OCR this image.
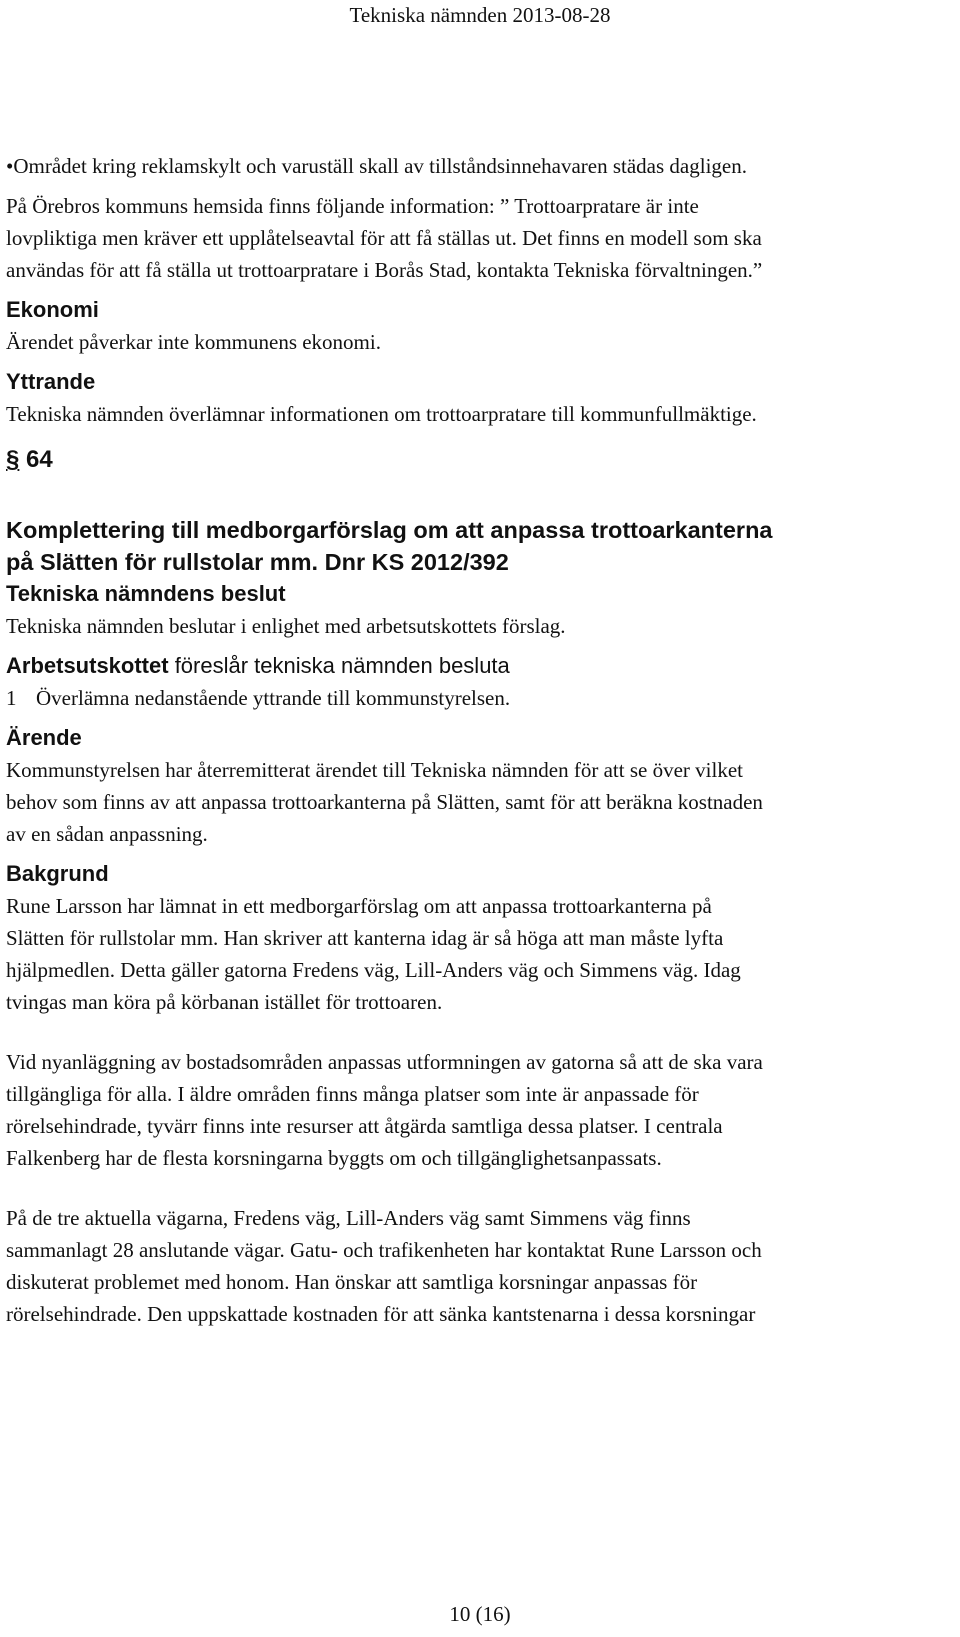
Tekniska nämnden 2013-08-28

•Området kring reklamskylt och varuställ skall av tillståndsinnehavaren städas dagligen.

På Örebros kommuns hemsida finns följande information: ” Trottoarpratare är inte

lovpliktiga men kräver ett upplåtelseavtal för att få ställas ut. Det finns en modell som ska

användas för att få ställa ut trottoarpratare i Borås Stad, kontakta Tekniska förvaltningen.”

Ekonomi

Ärendet påverkar inte kommunens ekonomi.

Yttrande

Tekniska nämnden överlämnar informationen om trottoarpratare till kommunfullmäktige.

§ 64

Komplettering till medborgarförslag om att anpassa trottoarkanterna

på Slätten för rullstolar mm. Dnr KS 2012/392

Tekniska nämndens beslut

Tekniska nämnden beslutar i enlighet med arbetsutskottets förslag.

Arbetsutskottet föreslår tekniska nämnden besluta

1 Överlämna nedanstående yttrande till kommunstyrelsen.

Ärende

Kommunstyrelsen har återremitterat ärendet till Tekniska nämnden för att se över vilket

behov som finns av att anpassa trottoarkanterna på Slätten, samt för att beräkna kostnaden

av en sådan anpassning.

Bakgrund

Rune Larsson har lämnat in ett medborgarförslag om att anpassa trottoarkanterna på

Slätten för rullstolar mm. Han skriver att kanterna idag är så höga att man måste lyfta

hjälpmedlen. Detta gäller gatorna Fredens väg, Lill-Anders väg och Simmens väg. Idag

tvingas man köra på körbanan istället för trottoaren.

Vid nyanläggning av bostadsområden anpassas utformningen av gatorna så att de ska vara

tillgängliga för alla. I äldre områden finns många platser som inte är anpassade för

rörelsehindrade, tyvärr finns inte resurser att åtgärda samtliga dessa platser. I centrala

Falkenberg har de flesta korsningarna byggts om och tillgänglighetsanpassats.

På de tre aktuella vägarna, Fredens väg, Lill-Anders väg samt Simmens väg finns

sammanlagt 28 anslutande vägar. Gatu- och trafikenheten har kontaktat Rune Larsson och

diskuterat problemet med honom. Han önskar att samtliga korsningar anpassas för

rörelsehindrade. Den uppskattade kostnaden för att sänka kantstenarna i dessa korsningar

10 (16)
